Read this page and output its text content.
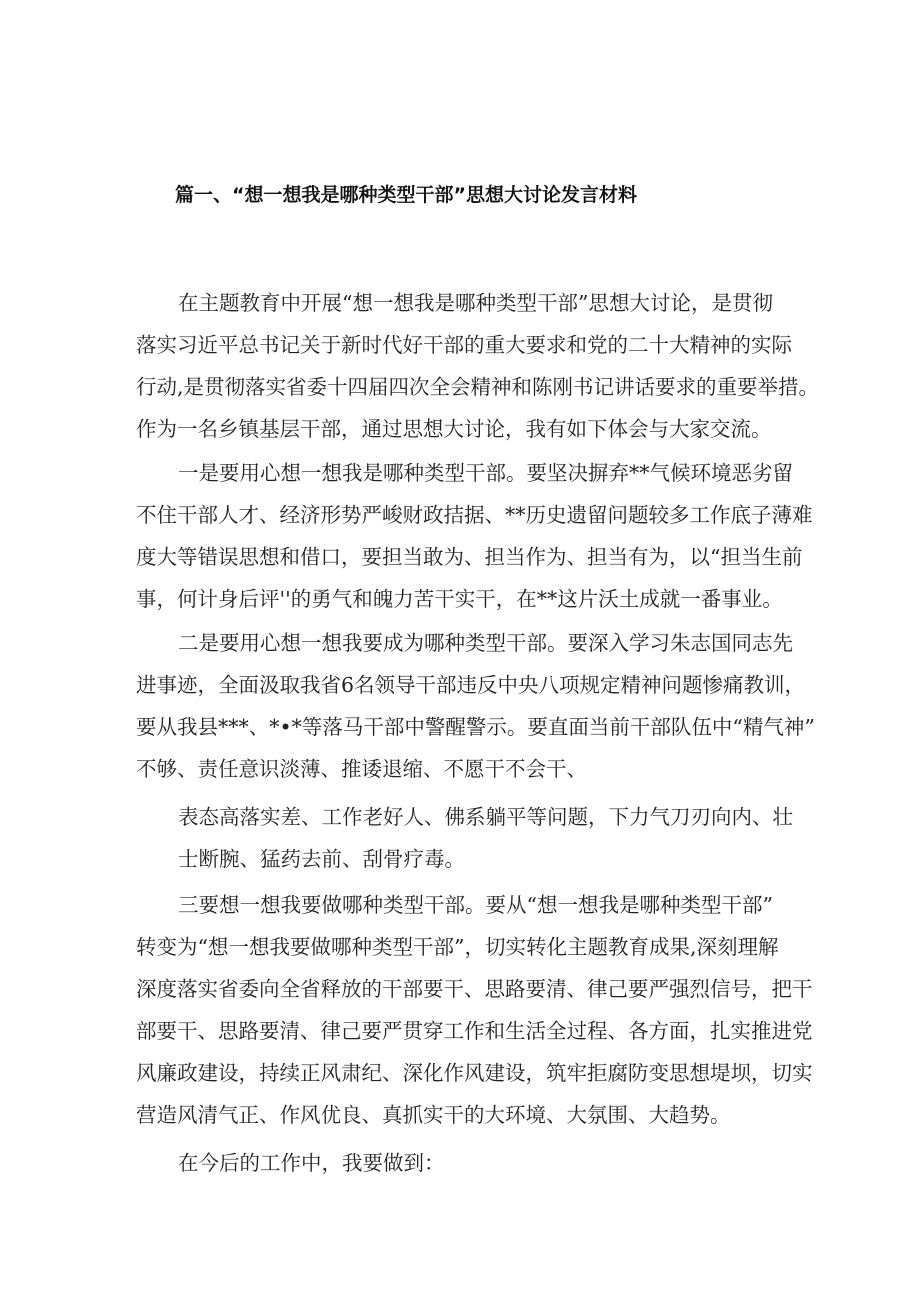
篇一、“想一想我是哪种类型干部”思想大讨论发言材料
在主题教育中开展“想一想我是哪种类型干部”思想大讨论，是贯彻
落实习近平总书记关于新时代好干部的重大要求和党的二十大精神的实际
行动,是贯彻落实省委十四届四次全会精神和陈刚书记讲话要求的重要举措。
作为一名乡镇基层干部，通过思想大讨论，我有如下体会与大家交流。
一是要用心想一想我是哪种类型干部。要坚决摒弃**气候环境恶劣留
不住干部人才、经济形势严峻财政拮据、**历史遗留问题较多工作底子薄难
度大等错误思想和借口，要担当敢为、担当作为、担当有为，以“担当生前
事，何计身后评''的勇气和魄力苦干实干，在**这片沃土成就一番事业。
二是要用心想一想我要成为哪种类型干部。要深入学习朱志国同志先
进事迹，全面汲取我省6名领导干部违反中央八项规定精神问题惨痛教训，
要从我县***、*•*等落马干部中警醒警示。要直面当前干部队伍中“精气神”
不够、责任意识淡薄、推诿退缩、不愿干不会干、
表态高落实差、工作老好人、佛系躺平等问题，下力气刀刃向内、壮
士断腕、猛药去前、刮骨疗毒。
三要想一想我要做哪种类型干部。要从“想一想我是哪种类型干部”
转变为“想一想我要做哪种类型干部”，切实转化主题教育成果,深刻理解
深度落实省委向全省释放的干部要干、思路要清、律己要严强烈信号，把干
部要干、思路要清、律己要严贯穿工作和生活全过程、各方面，扎实推进党
风廉政建设，持续正风肃纪、深化作风建设，筑牢拒腐防变思想堤坝，切实
营造风清气正、作风优良、真抓实干的大环境、大氛围、大趋势。
在今后的工作中，我要做到：
